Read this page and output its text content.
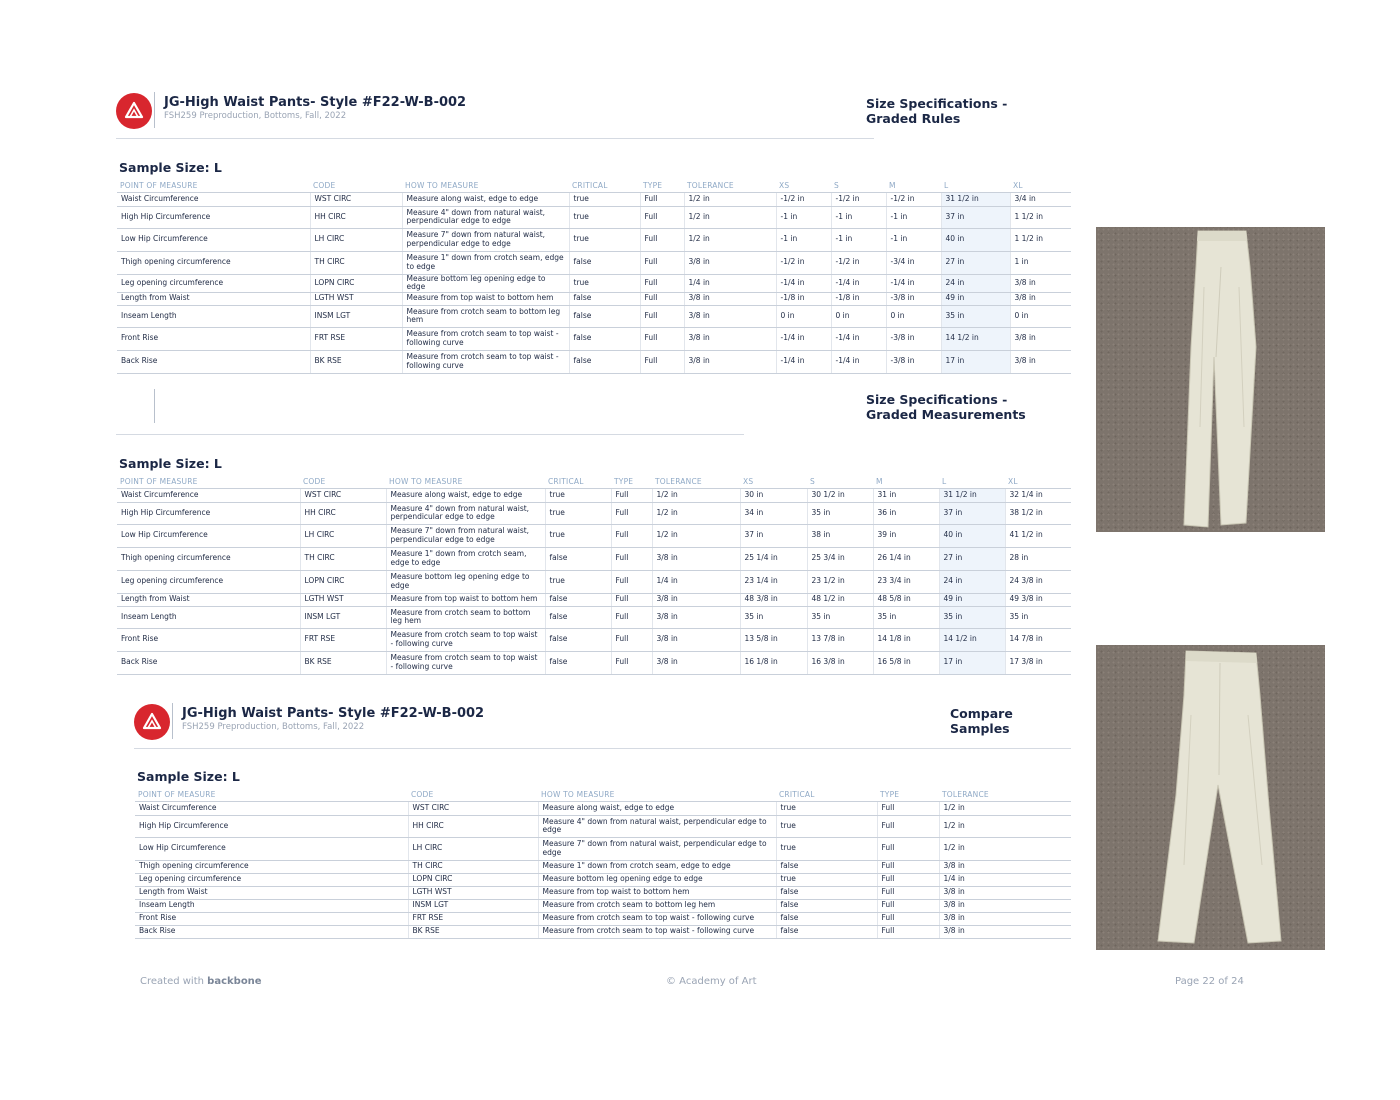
JG-High Waist Pants- Style #F22-W-B-002
FSH259 Preproduction, Bottoms, Fall, 2022
Size Specifications - Graded Rules
Sample Size: L
POINT OF MEASURE	CODE	HOW TO MEASURE	CRITICAL	TYPE	TOLERANCE	XS	S	M	L	XL
Waist Circumference	WST CIRC	Measure along waist, edge to edge	true	Full	1/2 in	-1/2 in	-1/2 in	-1/2 in	31 1/2 in	3/4 in
High Hip Circumference	HH CIRC	Measure 4" down from natural waist, perpendicular edge to edge	true	Full	1/2 in	-1 in	-1 in	-1 in	37 in	1 1/2 in
Low Hip Circumference	LH CIRC	Measure 7" down from natural waist, perpendicular edge to edge	true	Full	1/2 in	-1 in	-1 in	-1 in	40 in	1 1/2 in
Thigh opening circumference	TH CIRC	Measure 1" down from crotch seam, edge to edge	false	Full	3/8 in	-1/2 in	-1/2 in	-3/4 in	27 in	1 in
Leg opening circumference	LOPN CIRC	Measure bottom leg opening edge to edge	true	Full	1/4 in	-1/4 in	-1/4 in	-1/4 in	24 in	3/8 in
Length from Waist	LGTH WST	Measure from top waist to bottom hem	false	Full	3/8 in	-1/8 in	-1/8 in	-3/8 in	49 in	3/8 in
Inseam Length	INSM LGT	Measure from crotch seam to bottom leg hem	false	Full	3/8 in	0 in	0 in	0 in	35 in	0 in
Front Rise	FRT RSE	Measure from crotch seam to top waist - following curve	false	Full	3/8 in	-1/4 in	-1/4 in	-3/8 in	14 1/2 in	3/8 in
Back Rise	BK RSE	Measure from crotch seam to top waist - following curve	false	Full	3/8 in	-1/4 in	-1/4 in	-3/8 in	17 in	3/8 in
Size Specifications - Graded Measurements
Sample Size: L
POINT OF MEASURE	CODE	HOW TO MEASURE	CRITICAL	TYPE	TOLERANCE	XS	S	M	L	XL
Waist Circumference	WST CIRC	Measure along waist, edge to edge	true	Full	1/2 in	30 in	30 1/2 in	31 in	31 1/2 in	32 1/4 in
High Hip Circumference	HH CIRC	Measure 4" down from natural waist, perpendicular edge to edge	true	Full	1/2 in	34 in	35 in	36 in	37 in	38 1/2 in
Low Hip Circumference	LH CIRC	Measure 7" down from natural waist, perpendicular edge to edge	true	Full	1/2 in	37 in	38 in	39 in	40 in	41 1/2 in
Thigh opening circumference	TH CIRC	Measure 1" down from crotch seam, edge to edge	false	Full	3/8 in	25 1/4 in	25 3/4 in	26 1/4 in	27 in	28 in
Leg opening circumference	LOPN CIRC	Measure bottom leg opening edge to edge	true	Full	1/4 in	23 1/4 in	23 1/2 in	23 3/4 in	24 in	24 3/8 in
Length from Waist	LGTH WST	Measure from top waist to bottom hem	false	Full	3/8 in	48 3/8 in	48 1/2 in	48 5/8 in	49 in	49 3/8 in
Inseam Length	INSM LGT	Measure from crotch seam to bottom leg hem	false	Full	3/8 in	35 in	35 in	35 in	35 in	35 in
Front Rise	FRT RSE	Measure from crotch seam to top waist - following curve	false	Full	3/8 in	13 5/8 in	13 7/8 in	14 1/8 in	14 1/2 in	14 7/8 in
Back Rise	BK RSE	Measure from crotch seam to top waist - following curve	false	Full	3/8 in	16 1/8 in	16 3/8 in	16 5/8 in	17 in	17 3/8 in
JG-High Waist Pants- Style #F22-W-B-002
FSH259 Preproduction, Bottoms, Fall, 2022
Compare Samples
Sample Size: L
POINT OF MEASURE	CODE	HOW TO MEASURE	CRITICAL	TYPE	TOLERANCE
Waist Circumference	WST CIRC	Measure along waist, edge to edge	true	Full	1/2 in
High Hip Circumference	HH CIRC	Measure 4" down from natural waist, perpendicular edge to edge	true	Full	1/2 in
Low Hip Circumference	LH CIRC	Measure 7" down from natural waist, perpendicular edge to edge	true	Full	1/2 in
Thigh opening circumference	TH CIRC	Measure 1" down from crotch seam, edge to edge	false	Full	3/8 in
Leg opening circumference	LOPN CIRC	Measure bottom leg opening edge to edge	true	Full	1/4 in
Length from Waist	LGTH WST	Measure from top waist to bottom hem	false	Full	3/8 in
Inseam Length	INSM LGT	Measure from crotch seam to bottom leg hem	false	Full	3/8 in
Front Rise	FRT RSE	Measure from crotch seam to top waist - following curve	false	Full	3/8 in
Back Rise	BK RSE	Measure from crotch seam to top waist - following curve	false	Full	3/8 in
Created with backbone	© Academy of Art	Page 22 of 24
